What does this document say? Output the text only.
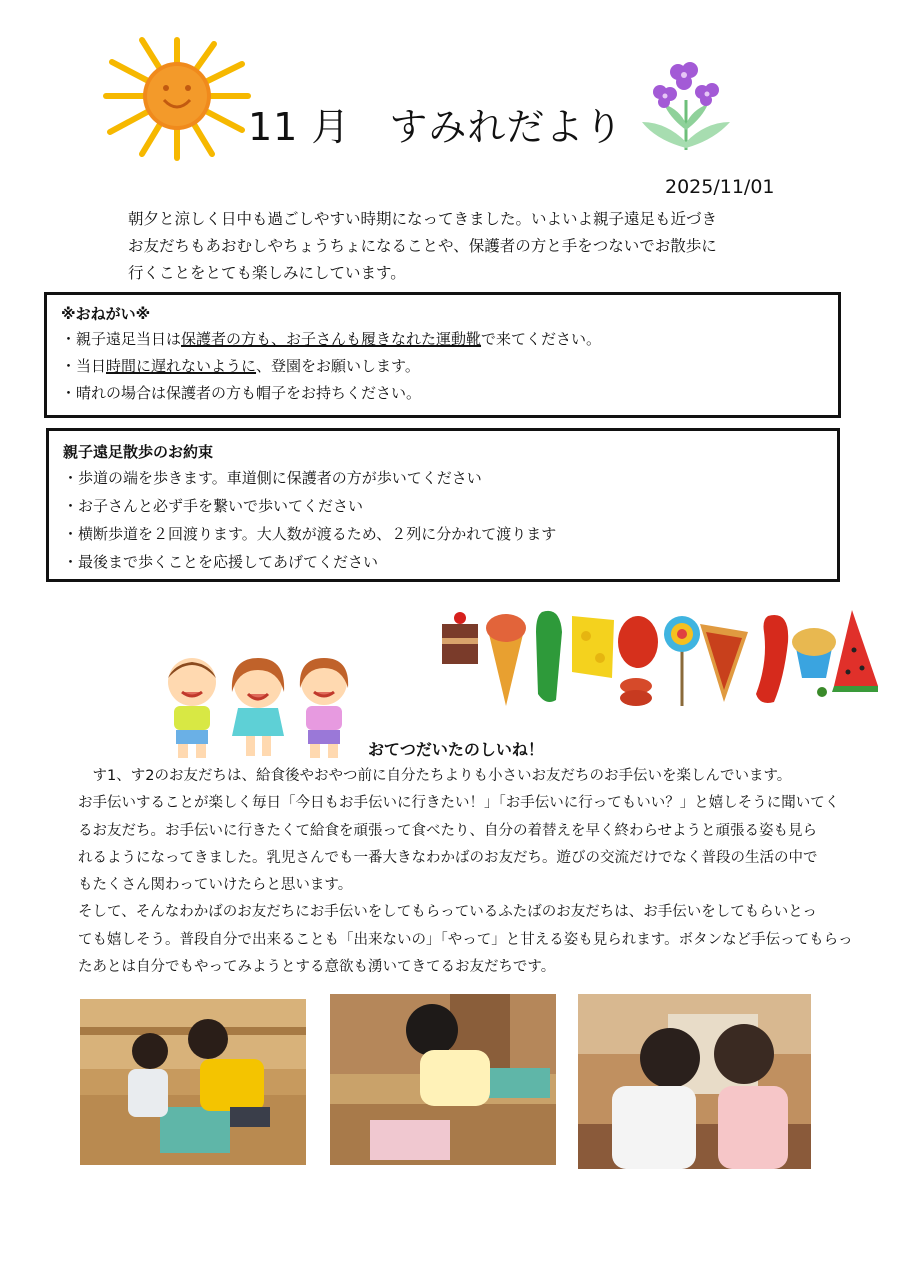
11 月　すみれだより
2025/11/01
朝夕と涼しく日中も過ごしやすい時期になってきました。いよいよ親子遠足も近づき
お友だちもあおむしやちょうちょになることや、保護者の方と手をつないでお散歩に
行くことをとても楽しみにしています。
※おねがい※
・親子遠足当日は保護者の方も、お子さんも履きなれた運動靴で来てください。
・当日時間に遅れないように、登園をお願いします。
・晴れの場合は保護者の方も帽子をお持ちください。
親子遠足散歩のお約束
・歩道の端を歩きます。車道側に保護者の方が歩いてください
・お子さんと必ず手を繋いで歩いてください
・横断歩道を２回渡ります。大人数が渡るため、２列に分かれて渡ります
・最後まで歩くことを応援してあげてください
おてつだいたのしいね！
　す1、す2のお友だちは、給食後やおやつ前に自分たちよりも小さいお友だちのお手伝いを楽しんでいます。
お手伝いすることが楽しく毎日「今日もお手伝いに行きたい！」「お手伝いに行ってもいい？」と嬉しそうに聞いてく
るお友だち。お手伝いに行きたくて給食を頑張って食べたり、自分の着替えを早く終わらせようと頑張る姿も見ら
れるようになってきました。乳児さんでも一番大きなわかばのお友だち。遊びの交流だけでなく普段の生活の中で
もたくさん関わっていけたらと思います。
そして、そんなわかばのお友だちにお手伝いをしてもらっているふたばのお友だちは、お手伝いをしてもらいとっ
ても嬉しそう。普段自分で出来ることも「出来ないの」「やって」と甘える姿も見られます。ボタンなど手伝ってもらっ
たあとは自分でもやってみようとする意欲も湧いてきてるお友だちです。
